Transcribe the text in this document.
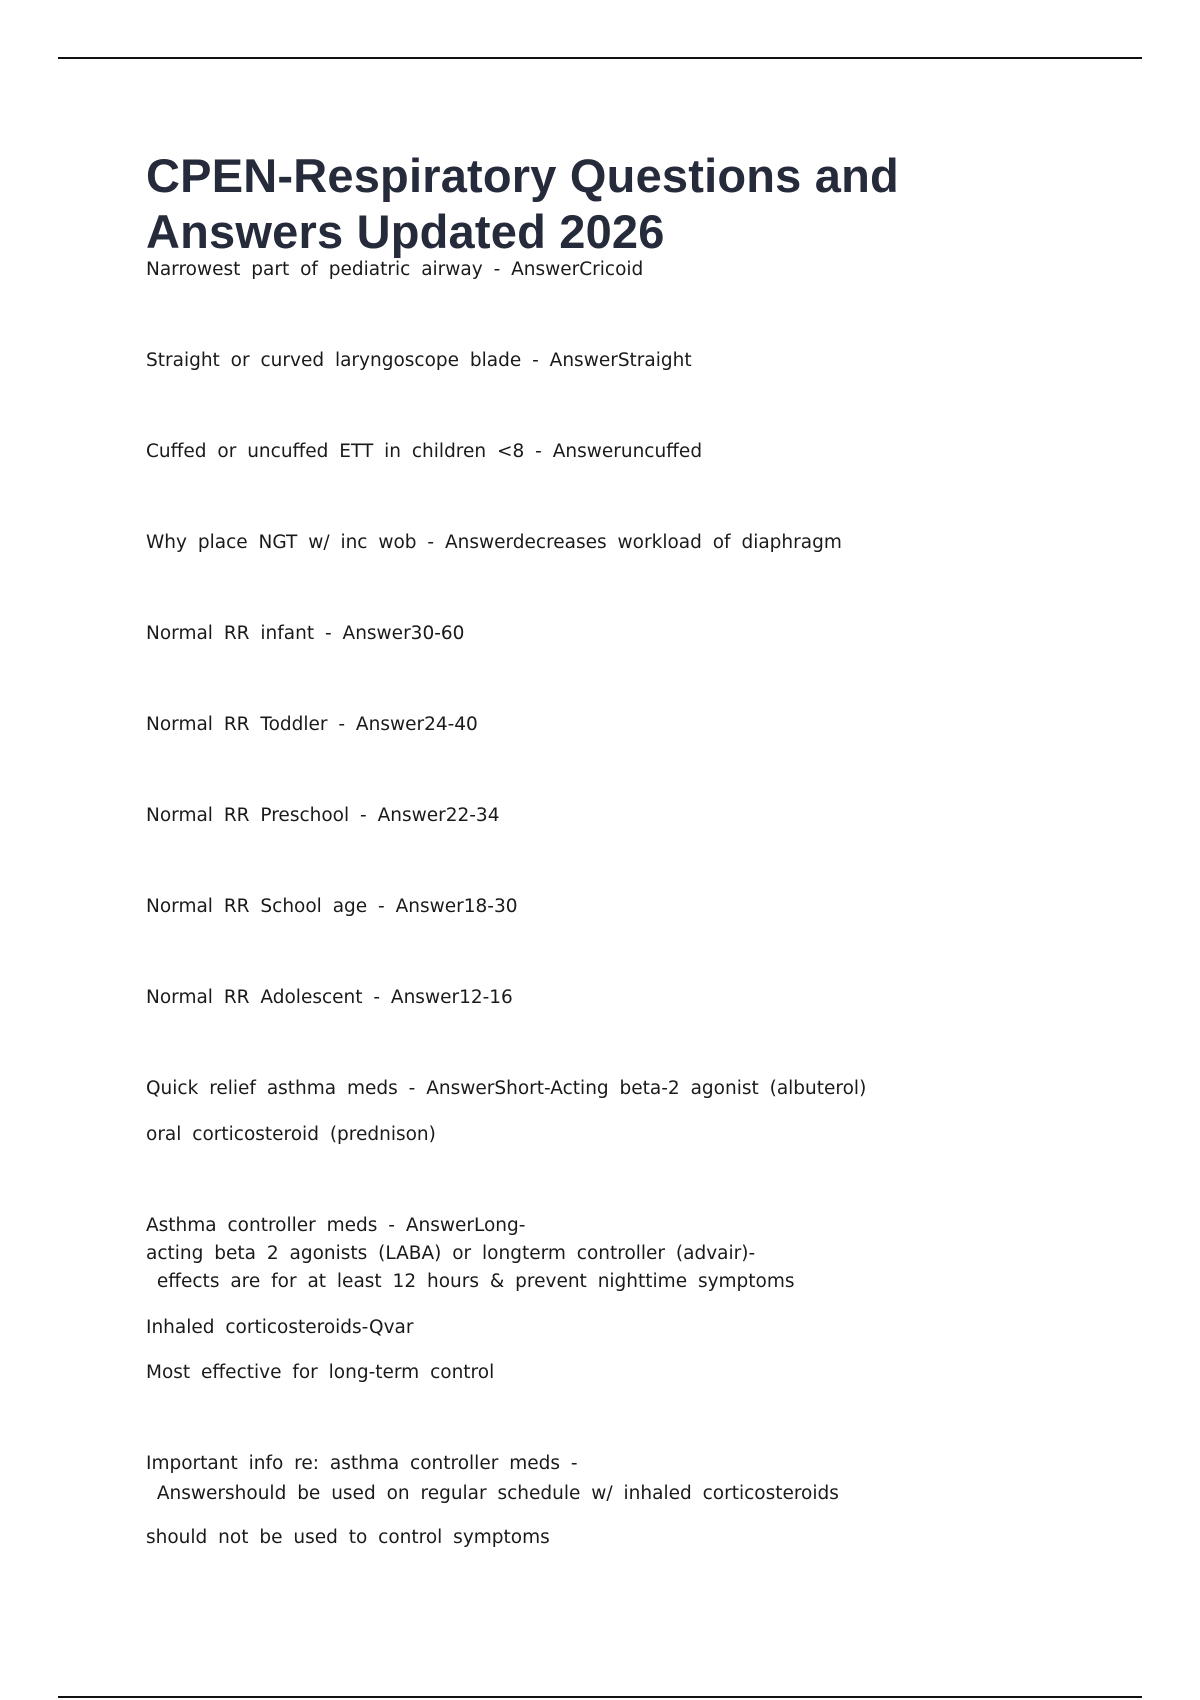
CPEN-Respiratory Questions and
Answers Updated 2026
Narrowest part of pediatric airway - AnswerCricoid
Straight or curved laryngoscope blade - AnswerStraight
Cuffed or uncuffed ETT in children <8 - Answeruncuffed
Why place NGT w/ inc wob - Answerdecreases workload of diaphragm
Normal RR infant - Answer30-60
Normal RR Toddler - Answer24-40
Normal RR Preschool - Answer22-34
Normal RR School age - Answer18-30
Normal RR Adolescent - Answer12-16
Quick relief asthma meds - AnswerShort-Acting beta-2 agonist (albuterol)
oral corticosteroid (prednison)
Asthma controller meds - AnswerLong-
acting beta 2 agonists (LABA) or longterm controller (advair)-
effects are for at least 12 hours & prevent nighttime symptoms
Inhaled corticosteroids-Qvar
Most effective for long-term control
Important info re: asthma controller meds -
Answershould be used on regular schedule w/ inhaled corticosteroids
should not be used to control symptoms
